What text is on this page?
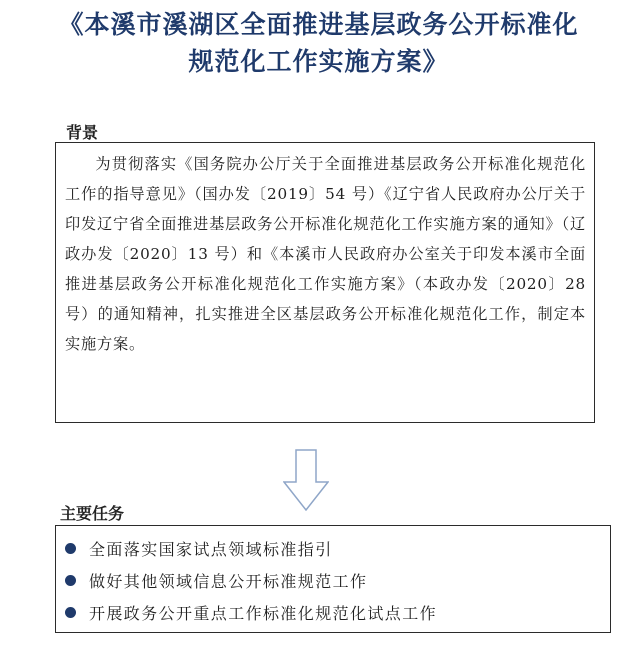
《本溪市溪湖区全面推进基层政务公开标准化
规范化工作实施方案》
背景

为贯彻落实《国务院办公厅关于全面推进基层政务公开标准化规范化工作的指导意见》（国办发〔2019〕54 号）《辽宁省人民政府办公厅关于印发辽宁省全面推进基层政务公开标准化规范化工作实施方案的通知》（辽政办发〔2020〕13 号）和《本溪市人民政府办公室关于印发本溪市全面推进基层政务公开标准化规范化工作实施方案》（本政办发〔2020〕28 号）的通知精神，扎实推进全区基层政务公开标准化规范化工作，制定本实施方案。

主要任务
全面落实国家试点领域标准指引
做好其他领域信息公开标准规范工作
开展政务公开重点工作标准化规范化试点工作
